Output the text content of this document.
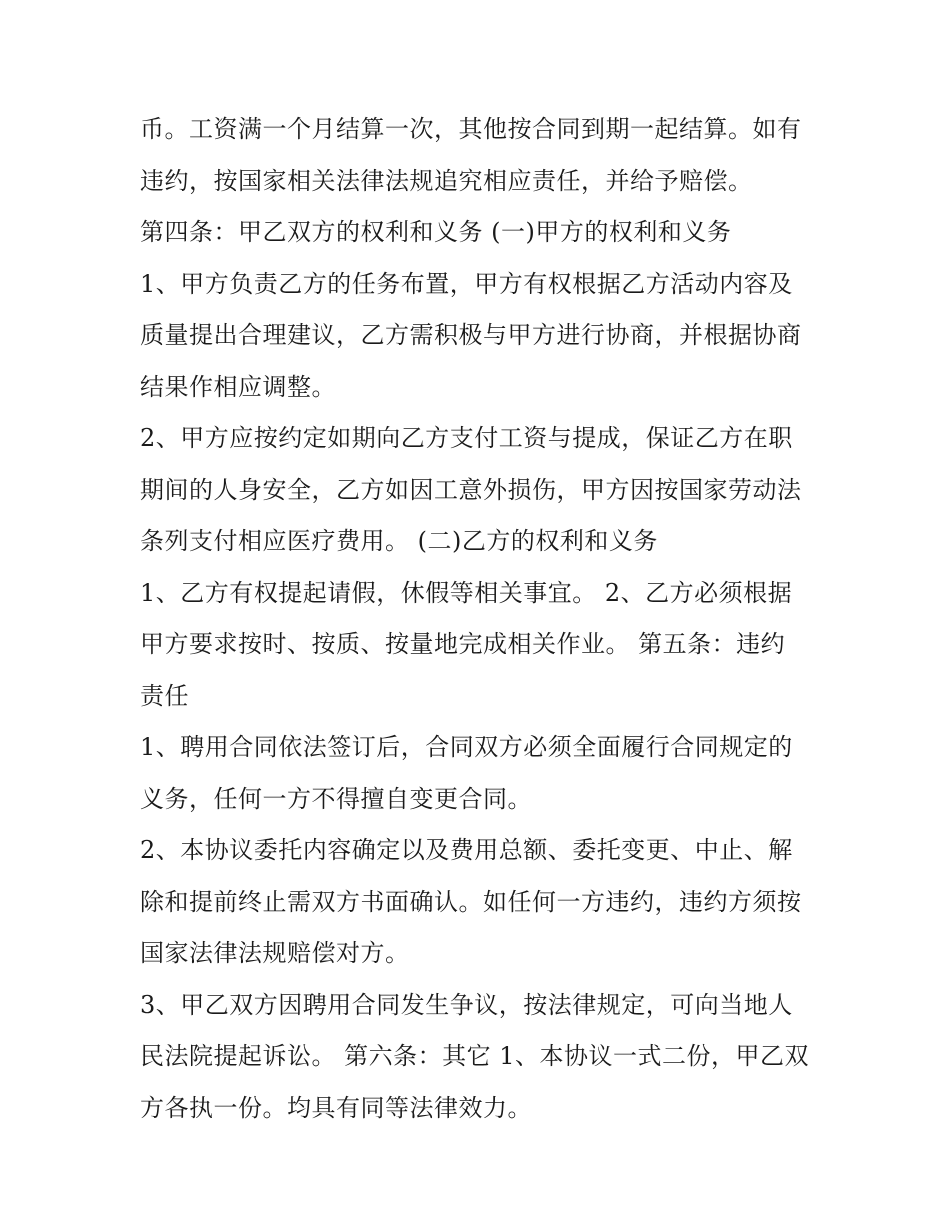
币。工资满一个月结算一次，其他按合同到期一起结算。如有
违约，按国家相关法律法规追究相应责任，并给予赔偿。
第四条：甲乙双方的权利和义务 (一)甲方的权利和义务
1、甲方负责乙方的任务布置，甲方有权根据乙方活动内容及
质量提出合理建议，乙方需积极与甲方进行协商，并根据协商
结果作相应调整。
2、甲方应按约定如期向乙方支付工资与提成，保证乙方在职
期间的人身安全，乙方如因工意外损伤，甲方因按国家劳动法
条列支付相应医疗费用。 (二)乙方的权利和义务
1、乙方有权提起请假，休假等相关事宜。 2、乙方必须根据
甲方要求按时、按质、按量地完成相关作业。 第五条：违约
责任
1、聘用合同依法签订后，合同双方必须全面履行合同规定的
义务，任何一方不得擅自变更合同。
2、本协议委托内容确定以及费用总额、委托变更、中止、解
除和提前终止需双方书面确认。如任何一方违约，违约方须按
国家法律法规赔偿对方。
3、甲乙双方因聘用合同发生争议，按法律规定，可向当地人
民法院提起诉讼。 第六条：其它 1、本协议一式二份，甲乙双
方各执一份。均具有同等法律效力。
